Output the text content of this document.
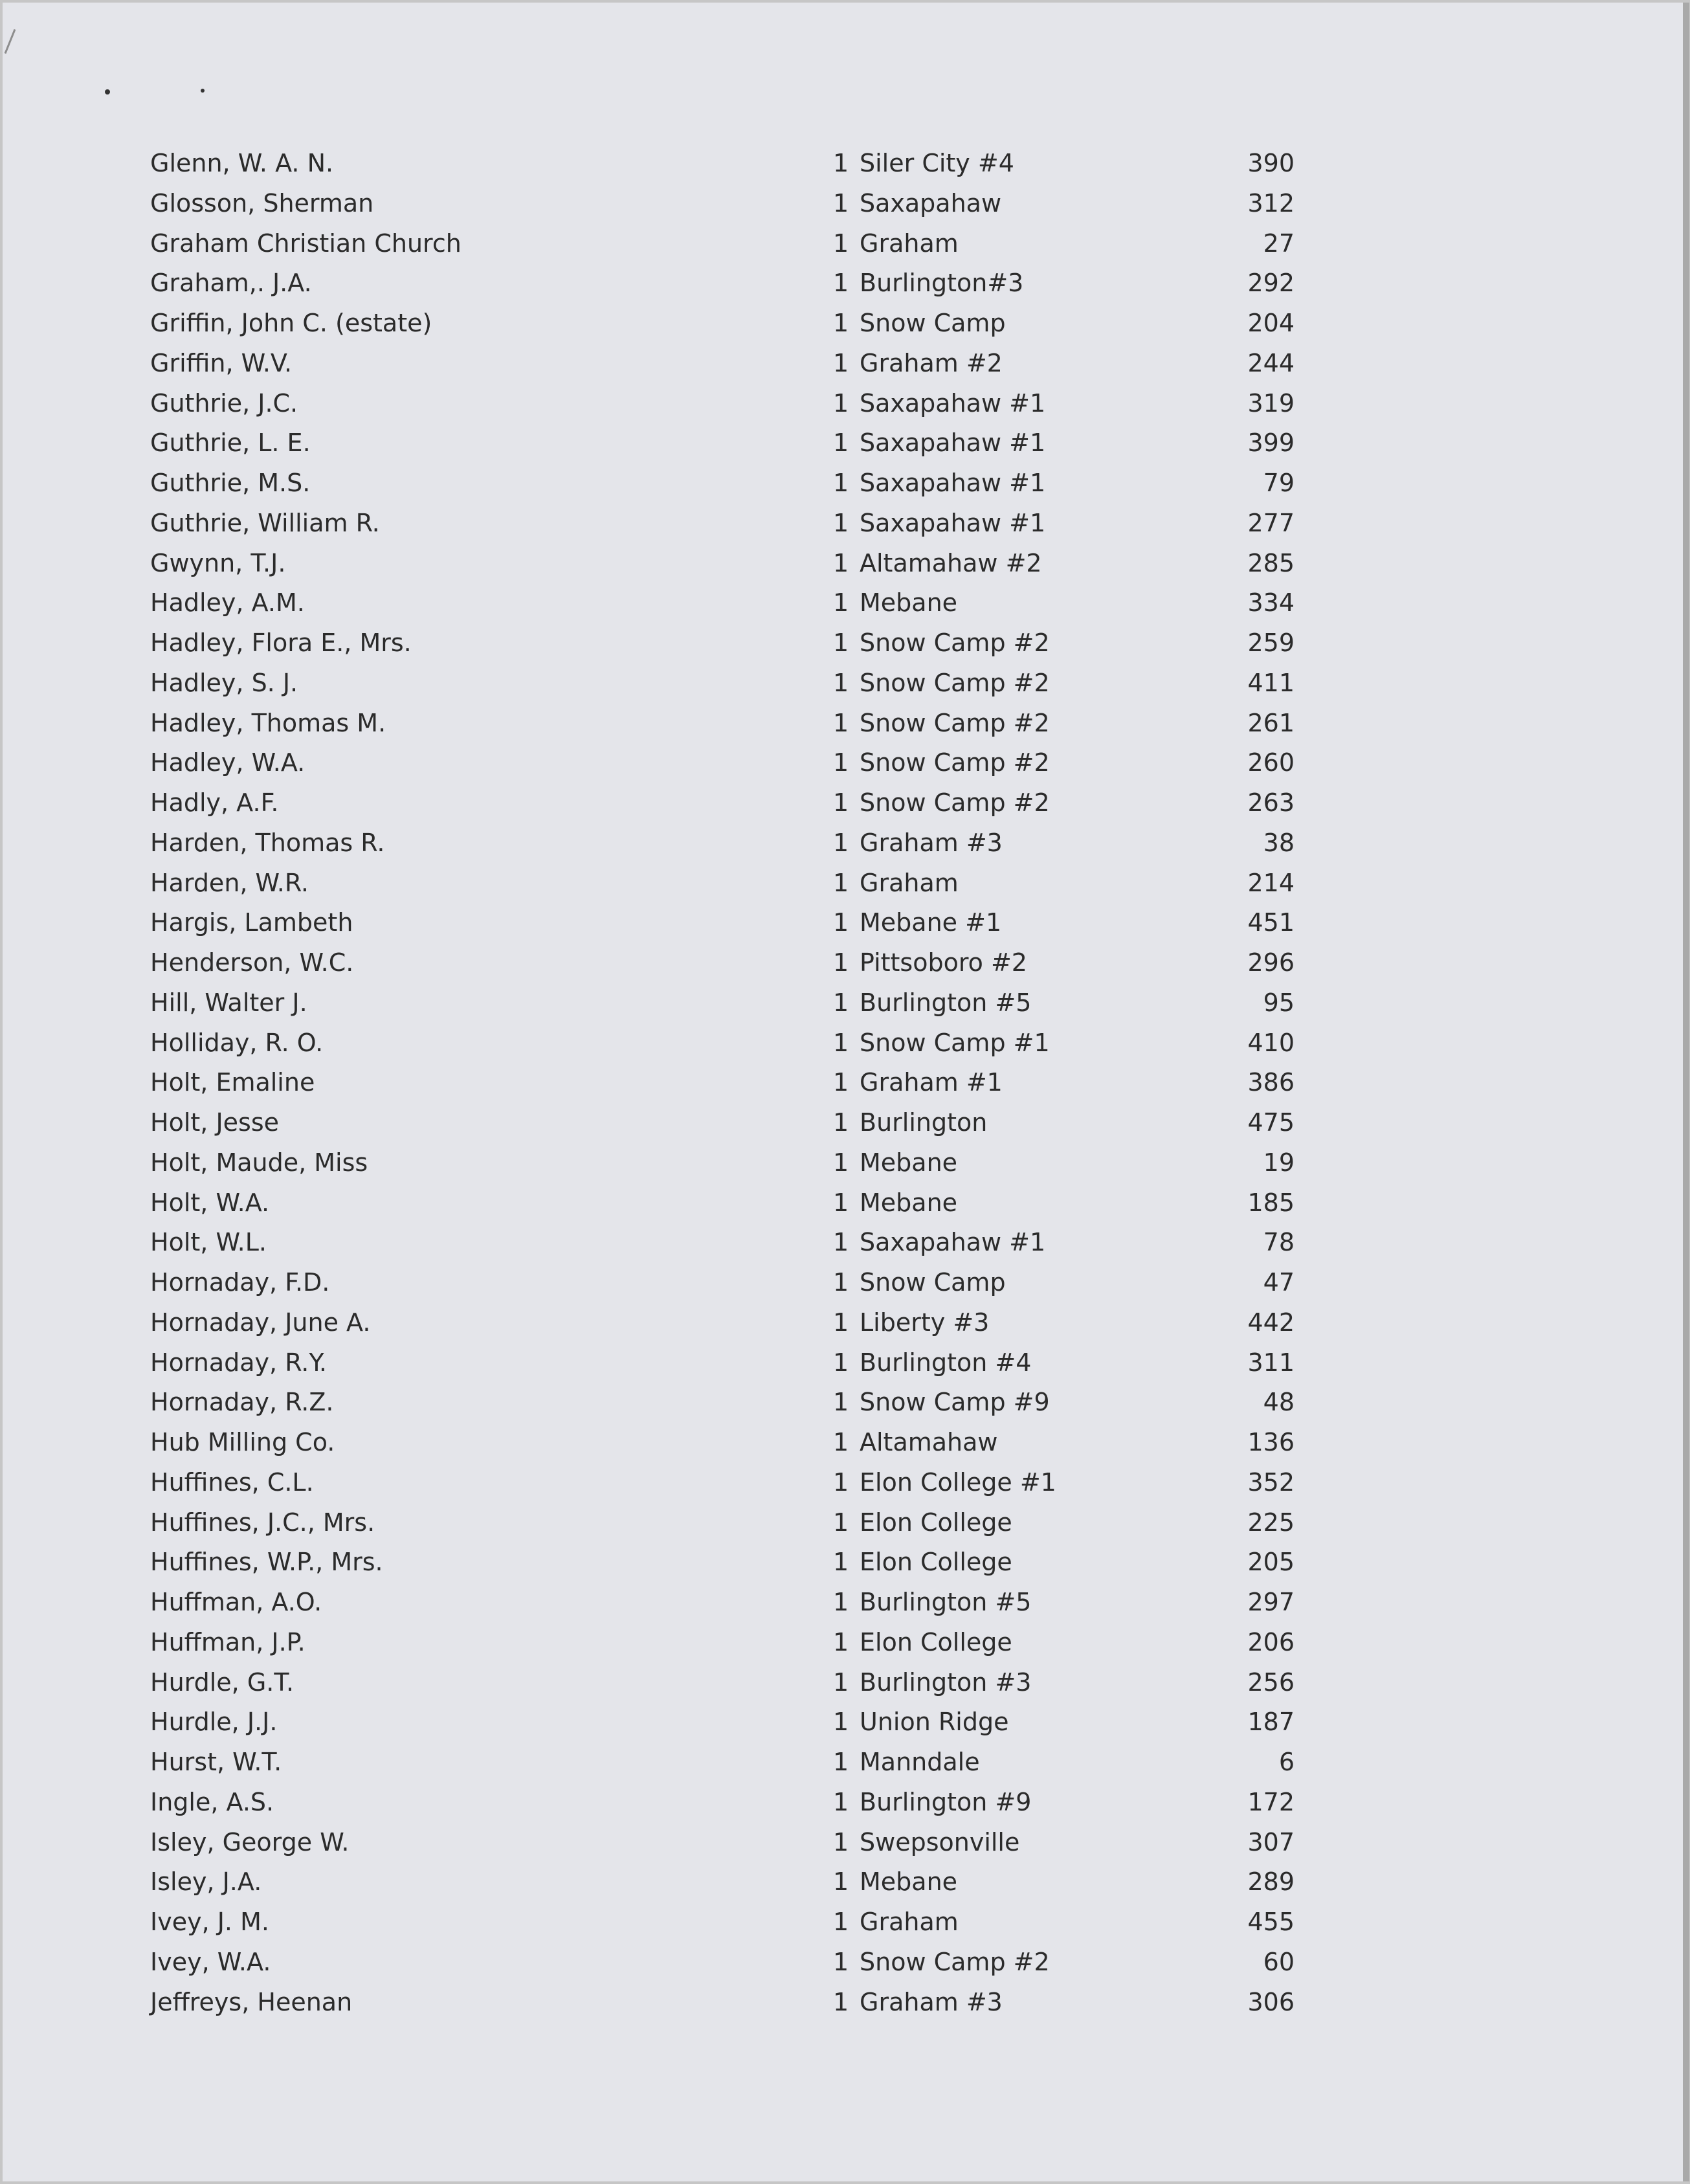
Glenn, W. A. N.	1 Siler City #4	390
Glosson, Sherman	1 Saxapahaw	312
Graham Christian Church	1 Graham	27
Graham,. J.A.	1 Burlington#3	292
Griffin, John C. (estate)	1 Snow Camp	204
Griffin, W.V.	1 Graham #2	244
Guthrie, J.C.	1 Saxapahaw #1	319
Guthrie, L. E.	1 Saxapahaw #1	399
Guthrie, M.S.	1 Saxapahaw #1	79
Guthrie, William R.	1 Saxapahaw #1	277
Gwynn, T.J.	1 Altamahaw #2	285
Hadley, A.M.	1 Mebane	334
Hadley, Flora E., Mrs.	1 Snow Camp #2	259
Hadley, S. J.	1 Snow Camp #2	411
Hadley, Thomas M.	1 Snow Camp #2	261
Hadley, W.A.	1 Snow Camp #2	260
Hadly, A.F.	1 Snow Camp #2	263
Harden, Thomas R.	1 Graham #3	38
Harden, W.R.	1 Graham	214
Hargis, Lambeth	1 Mebane #1	451
Henderson, W.C.	1 Pittsoboro #2	296
Hill, Walter J.	1 Burlington #5	95
Holliday, R. O.	1 Snow Camp #1	410
Holt, Emaline	1 Graham #1	386
Holt, Jesse	1 Burlington	475
Holt, Maude, Miss	1 Mebane	19
Holt, W.A.	1 Mebane	185
Holt, W.L.	1 Saxapahaw #1	78
Hornaday, F.D.	1 Snow Camp	47
Hornaday, June A.	1 Liberty #3	442
Hornaday, R.Y.	1 Burlington #4	311
Hornaday, R.Z.	1 Snow Camp #9	48
Hub Milling Co.	1 Altamahaw	136
Huffines, C.L.	1 Elon College #1	352
Huffines, J.C., Mrs.	1 Elon College	225
Huffines, W.P., Mrs.	1 Elon College	205
Huffman, A.O.	1 Burlington #5	297
Huffman, J.P.	1 Elon College	206
Hurdle, G.T.	1 Burlington #3	256
Hurdle, J.J.	1 Union Ridge	187
Hurst, W.T.	1 Manndale	6
Ingle, A.S.	1 Burlington #9	172
Isley, George W.	1 Swepsonville	307
Isley, J.A.	1 Mebane	289
Ivey, J. M.	1 Graham	455
Ivey, W.A.	1 Snow Camp #2	60
Jeffreys, Heenan	1 Graham #3	306
